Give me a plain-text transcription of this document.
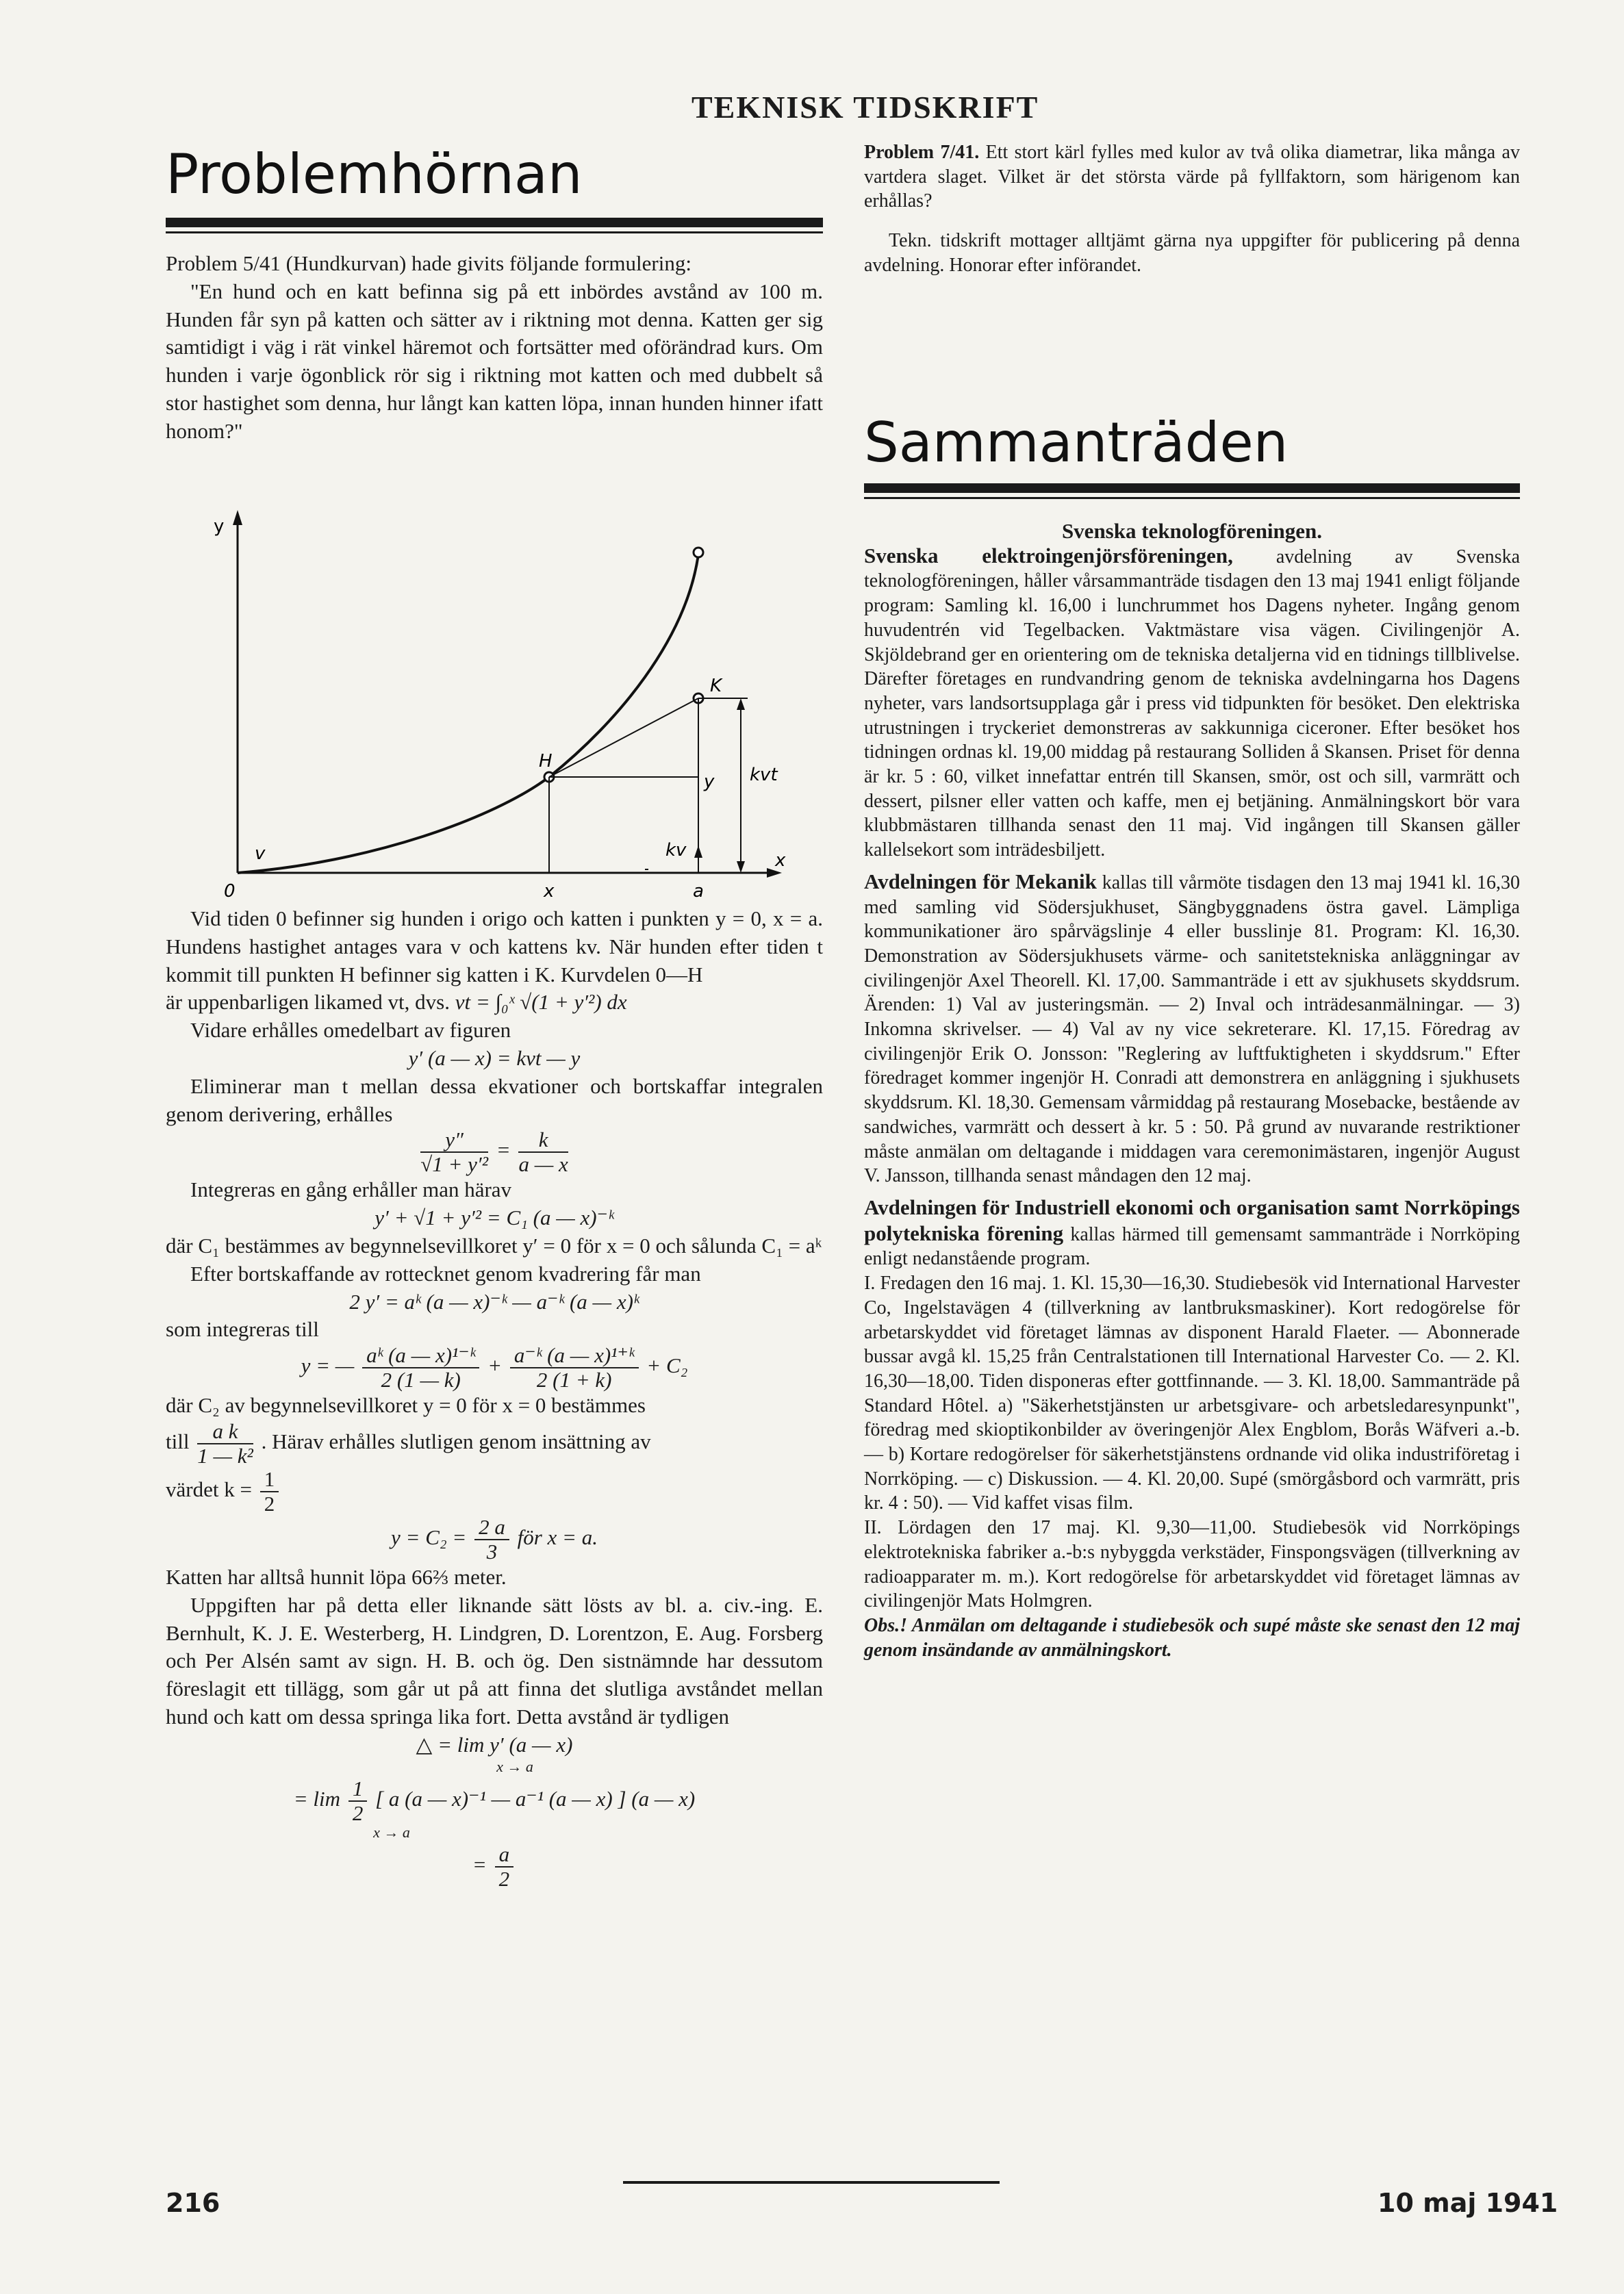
TEKNISK TIDSKRIFT
Problemhörnan

Problem 5/41 (Hundkurvan) hade givits följande formulering:

"En hund och en katt befinna sig på ett inbördes avstånd av 100 m. Hunden får syn på katten och sätter av i riktning mot denna. Katten ger sig samtidigt i väg i rät vinkel häremot och fortsätter med oförändrad kurs. Om hunden i varje ögonblick rör sig i riktning mot katten och med dubbelt så stor hastighet som denna, hur långt kan katten löpa, innan hunden hinner ifatt honom?"

y
x
0
H
K
v	kv
kvt
y
x	a

Vid tiden 0 befinner sig hunden i origo och katten i punkten y = 0, x = a. Hundens hastighet antages vara v och kattens kv. När hunden efter tiden t kommit till punkten H befinner sig katten i K. Kurvdelen 0—H

är uppenbarligen likamed vt, dvs. vt = ∫₀ˣ √(1 + y′²) dx

Vidare erhålles omedelbart av figuren

y′ (a — x) = kvt — y

Eliminerar man t mellan dessa ekvationer och bortskaffar integralen genom derivering, erhålles

$\frac{y''}{\text{√1 + y′²}} = \frac{k}{a — x}$

Integreras en gång erhåller man härav

y′ + √1 + y′² = C₁ (a — x)⁻ᵏ

där C₁ bestämmes av begynnelsevillkoret y′ = 0 för x = 0 och sålunda C₁ = aᵏ

Efter bortskaffande av rottecknet genom kvadrering får man

2 y′ = aᵏ (a — x)⁻ᵏ — a⁻ᵏ (a — x)ᵏ

som integreras till

y = — $\frac{\text{aᵏ (a — x)¹⁻ᵏ}}{2 (1 — k)} + \frac{\text{a⁻ᵏ (a — x)¹⁺ᵏ}}{2 (1 + k)} + C_2$

där C₂ av begynnelsevillkoret y = 0 för x = 0 bestämmes

till $\frac{\text{a k}}{\text{1 — k²}}$ . Härav erhålles slutligen genom insättning av

värdet $k = \frac{1}{2}$

$y = C_2 = \frac{2 a}{3}$ för x = a.

Katten har alltså hunnit löpa 66⅔ meter.

Uppgiften har på detta eller liknande sätt lösts av bl. a. civ.-ing. E. Bernhult, K. J. E. Westerberg, H. Lindgren, D. Lorentzon, E. Aug. Forsberg och Per Alsén samt av sign. H. B. och ög. Den sistnämnde har dessutom föreslagit ett tillägg, som går ut på att finna det slutliga avståndet mellan hund och katt om dessa springa lika fort. Detta avstånd är tydligen

△ = lim y′ (a — x)

x → a

= $\lim \frac{1}{2}$ [ a (a — x)⁻¹ — a⁻¹ (a — x) ] (a — x)

x → a

= $\frac{a}{2}$

Problem 7/41. Ett stort kärl fylles med kulor av två olika diametrar, lika många av vartdera slaget. Vilket är det största värde på fyllfaktorn, som härigenom kan erhållas?

Tekn. tidskrift mottager alltjämt gärna nya uppgifter för publicering på denna avdelning. Honorar efter införandet.

Sammanträden

Svenska teknologföreningen.

Svenska elektroingenjörsföreningen, avdelning av Svenska teknologföreningen, håller vårsammanträde tisdagen den 13 maj 1941 enligt följande program: Samling kl. 16,00 i lunchrummet hos Dagens nyheter. Ingång genom huvudentrén vid Tegelbacken. Vaktmästare visa vägen. Civilingenjör A. Skjöldebrand ger en orientering om de tekniska detaljerna vid en tidnings tillblivelse. Därefter företages en rundvandring genom de tekniska avdelningarna hos Dagens nyheter, vars landsortsupplaga går i press vid tidpunkten för besöket. Den elektriska utrustningen i tryckeriet demonstreras av sakkunniga ciceroner. Efter besöket hos tidningen ordnas kl. 19,00 middag på restaurang Solliden å Skansen. Priset för denna är kr. 5 : 60, vilket innefattar entrén till Skansen, smör, ost och sill, varmrätt och dessert, pilsner eller vatten och kaffe, men ej betjäning. Anmälningskort bör vara klubbmästaren tillhanda senast den 11 maj. Vid ingången till Skansen gäller kallelsekort som inträdesbiljett.

Avdelningen för Mekanik kallas till vårmöte tisdagen den 13 maj 1941 kl. 16,30 med samling vid Södersjukhuset, Sängbyggnadens östra gavel. Lämpliga kommunikationer äro spårvägslinje 4 eller busslinje 81. Program: Kl. 16,30. Demonstration av Södersjukhusets värme- och sanitetstekniska anläggningar av civilingenjör Axel Theorell. Kl. 17,00. Sammanträde i ett av sjukhusets skyddsrum. Ärenden: 1) Val av justeringsmän. — 2) Inval och inträdesanmälningar. — 3) Inkomna skrivelser. — 4) Val av ny vice sekreterare. Kl. 17,15. Föredrag av civilingenjör Erik O. Jonsson: "Reglering av luftfuktigheten i skyddsrum." Efter föredraget kommer ingenjör H. Conradi att demonstrera en anläggning i sjukhusets skyddsrum. Kl. 18,30. Gemensam vårmiddag på restaurang Mosebacke, bestående av sandwiches, varmrätt och dessert à kr. 5 : 50. På grund av nuvarande restriktioner måste anmälan om deltagande i middagen vara ceremonimästaren, ingenjör August V. Jansson, tillhanda senast måndagen den 12 maj.

Avdelningen för Industriell ekonomi och organisation samt Norrköpings polytekniska förening kallas härmed till gemensamt sammanträde i Norrköping enligt nedanstående program.

I. Fredagen den 16 maj. 1. Kl. 15,30—16,30. Studiebesök vid International Harvester Co, Ingelstavägen 4 (tillverkning av lantbruksmaskiner). Kort redogörelse för arbetarskyddet vid företaget lämnas av disponent Harald Flaeter. — Abonnerade bussar avgå kl. 15,25 från Centralstationen till International Harvester Co. — 2. Kl. 16,30—18,00. Tiden disponeras efter gottfinnande. — 3. Kl. 18,00. Sammanträde på Standard Hôtel. a) "Säkerhetstjänsten ur arbetsgivare- och arbetsledaresynpunkt", föredrag med skioptikonbilder av överingenjör Alex Engblom, Borås Wäfveri a.-b. — b) Kortare redogörelser för säkerhetstjänstens ordnande vid olika industriföretag i Norrköping. — c) Diskussion. — 4. Kl. 20,00. Supé (smörgåsbord och varmrätt, pris kr. 4 : 50). — Vid kaffet visas film.

II. Lördagen den 17 maj. Kl. 9,30—11,00. Studiebesök vid Norrköpings elektrotekniska fabriker a.-b:s nybyggda verkstäder, Finspongsvägen (tillverkning av radioapparater m. m.). Kort redogörelse för arbetarskyddet vid företaget lämnas av civilingenjör Mats Holmgren.

Obs.! Anmälan om deltagande i studiebesök och supé måste ske senast den 12 maj genom insändande av anmälningskort.

216	10 maj 1941
